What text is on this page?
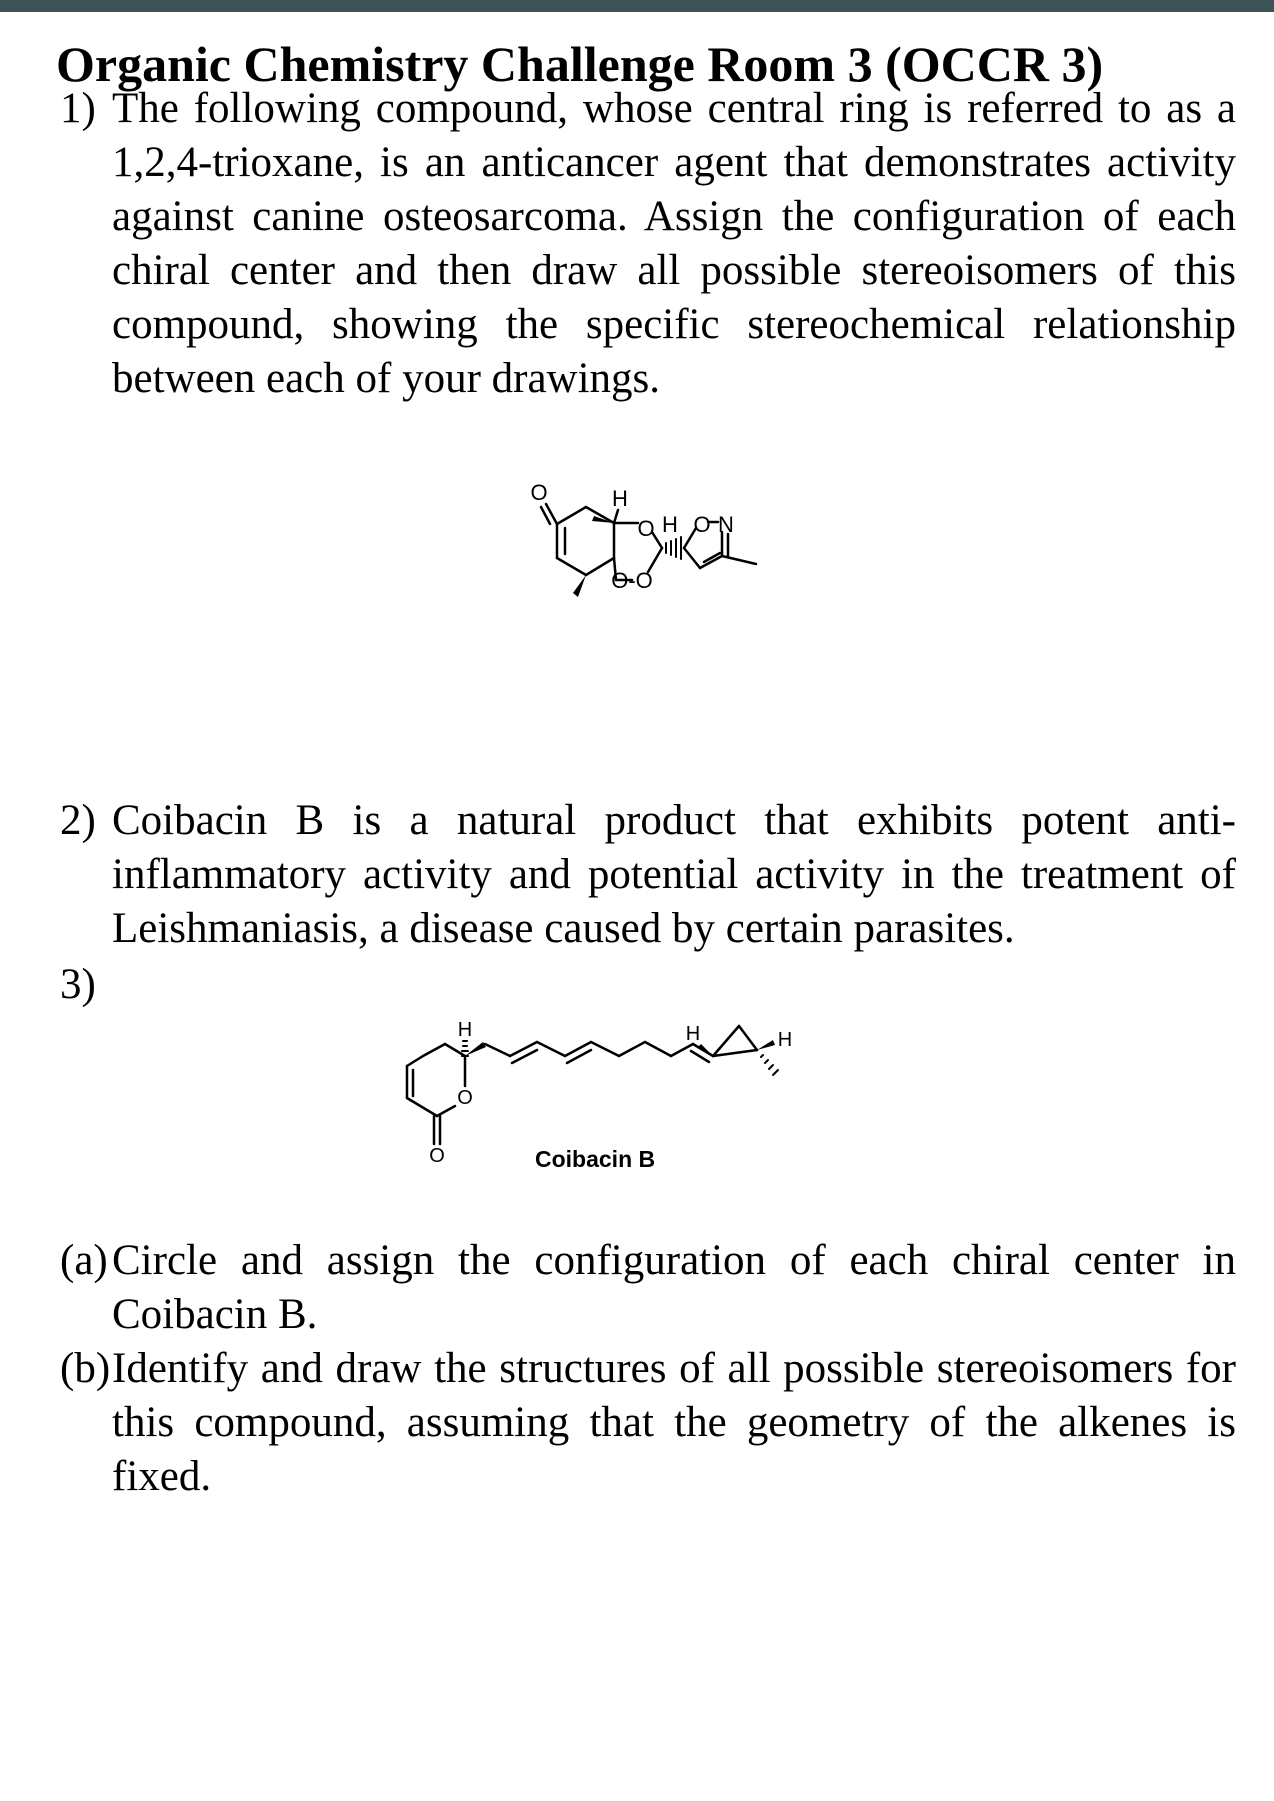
Organic Chemistry Challenge Room 3 (OCCR 3)
1) The following compound, whose central ring is referred to as a 1,2,4-trioxane, is an anticancer agent that demonstrates activity against canine osteosarcoma. Assign the configuration of each chiral center and then draw all possible stereoisomers of this compound, showing the specific stereochemical relationship between each of your drawings.
O	H
O H O N
O-O
2) Coibacin B is a natural product that exhibits potent anti-inflammatory activity and potential activity in the treatment of Leishmaniasis, a disease caused by certain parasites.
3)
H
O
O
H	H
Coibacin B
(a) Circle and assign the configuration of each chiral center in Coibacin B.
(b) Identify and draw the structures of all possible stereoisomers for this compound, assuming that the geometry of the alkenes is fixed.
